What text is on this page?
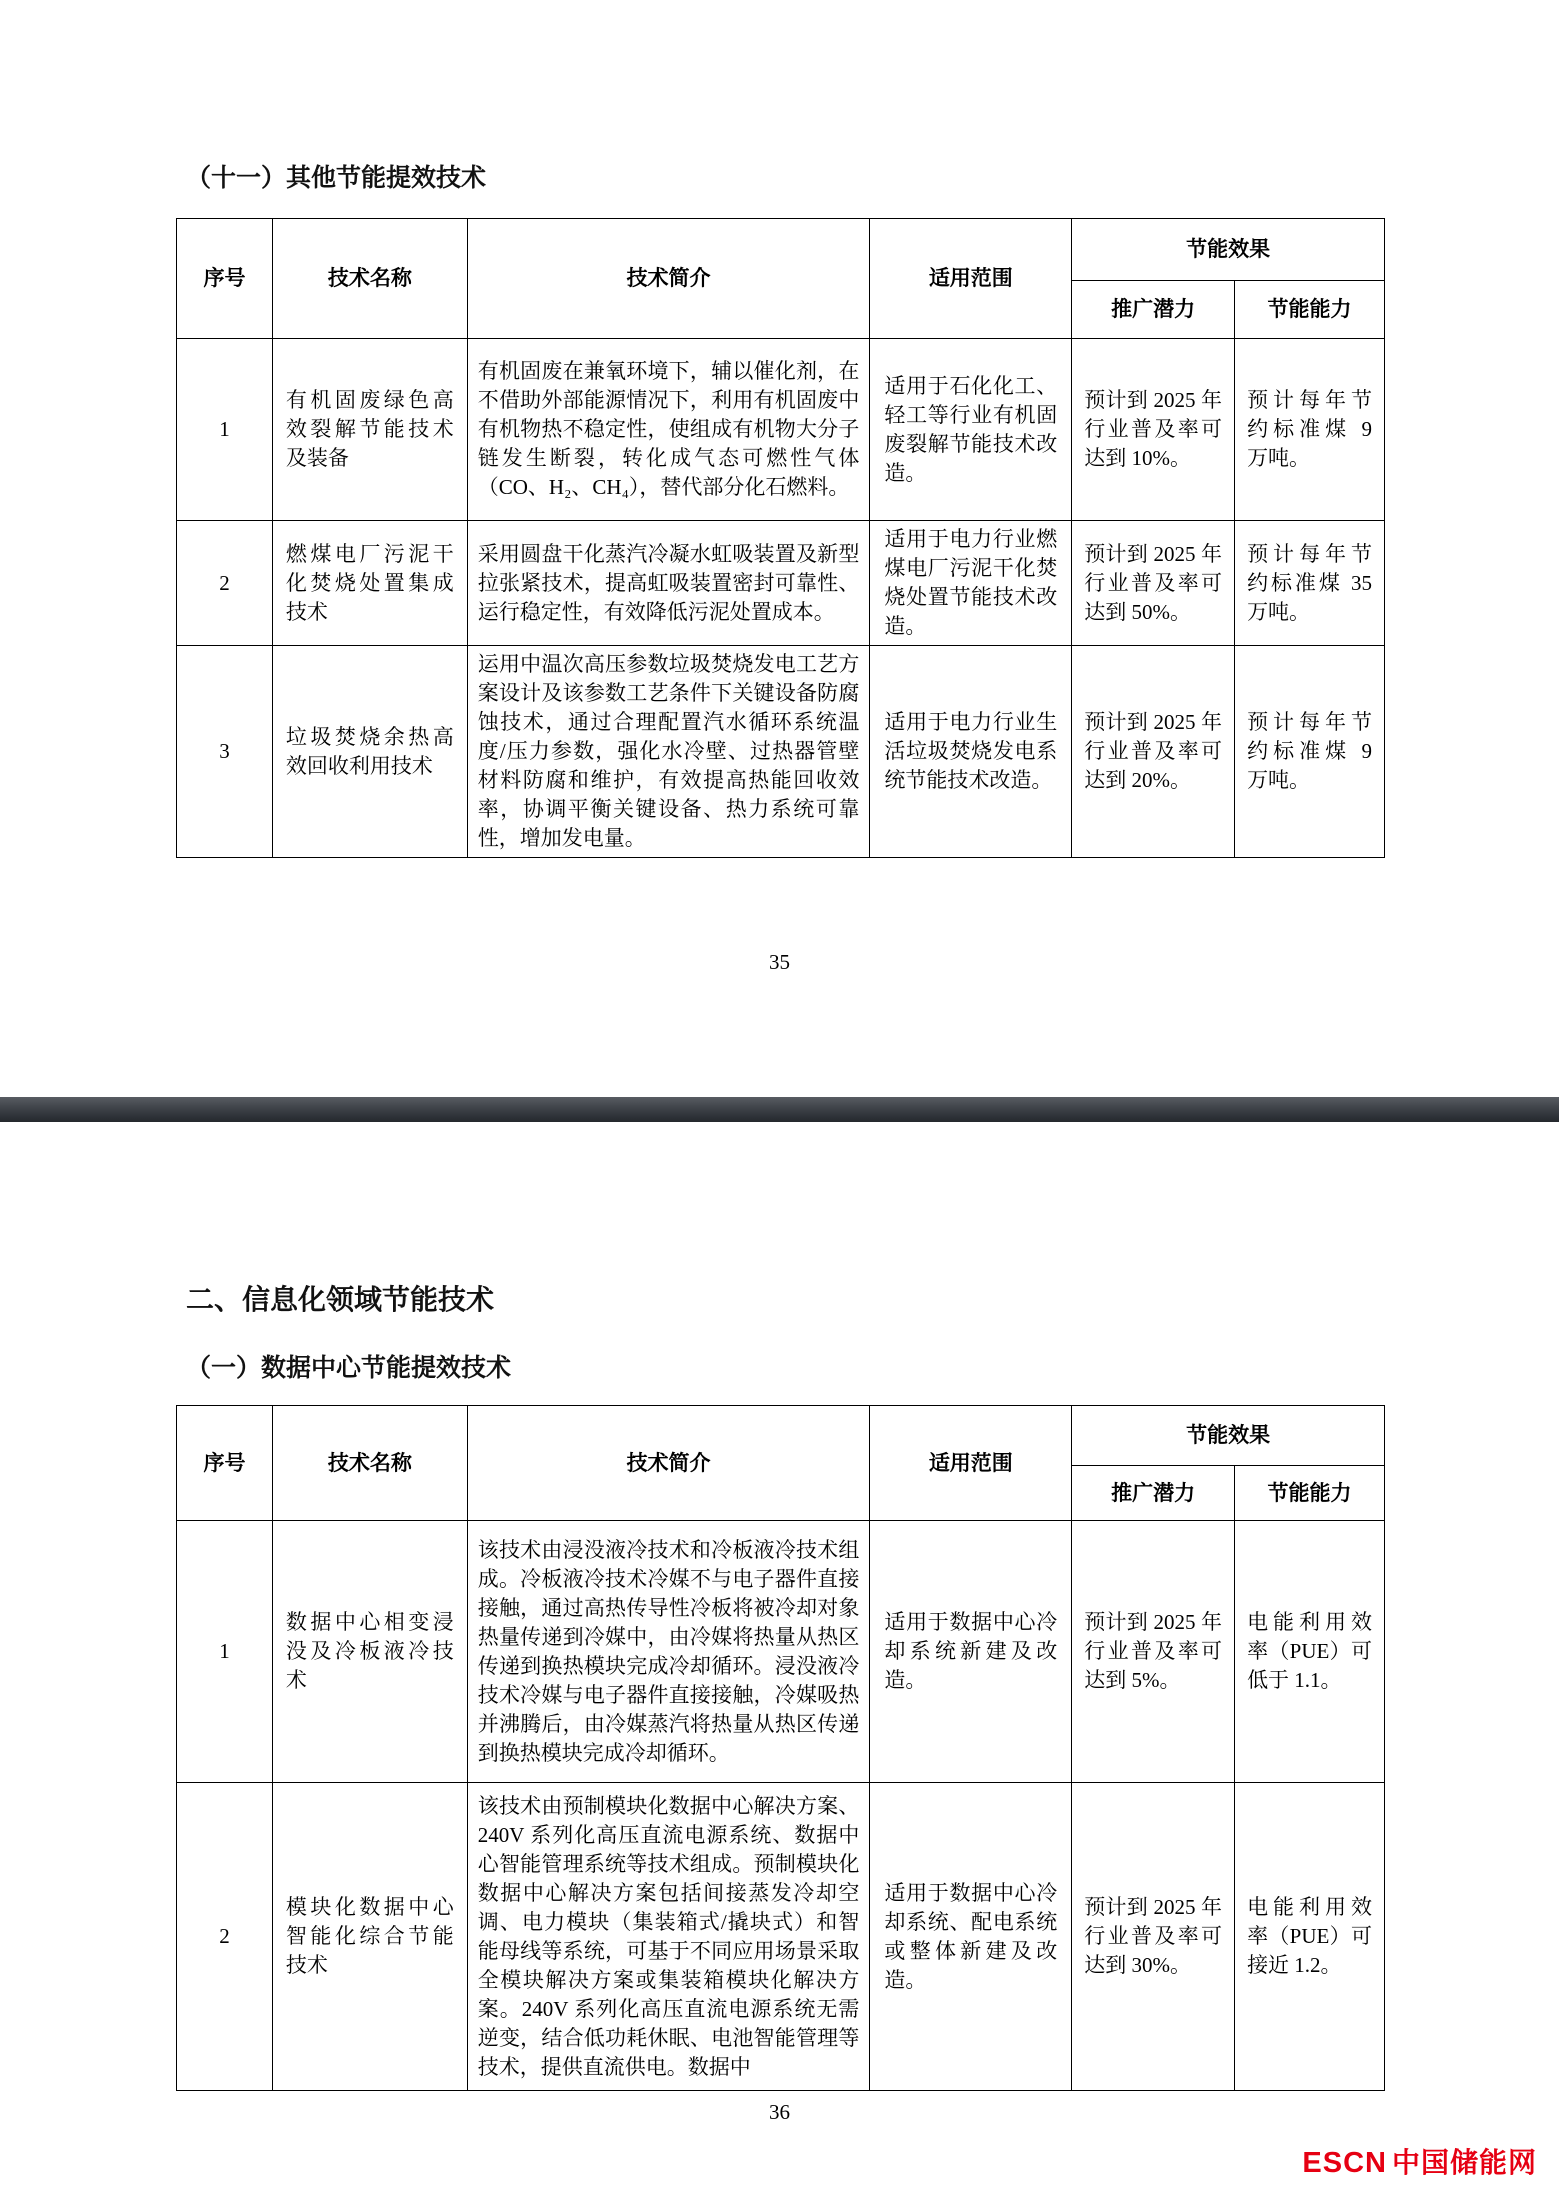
（十一）其他节能提效技术
序号	技术名称	技术简介	适用范围	节能效果	
				推广潜力	节能能力
1	有机固废绿色高效裂解节能技术及装备	有机固废在兼氧环境下，辅以催化剂，在不借助外部能源情况下，利用有机固废中有机物热不稳定性，使组成有机物大分子链发生断裂，转化成气态可燃性气体（CO、H₂、CH₄），替代部分化石燃料。	适用于石化化工、轻工等行业有机固废裂解节能技术改造。	预计到 2025 年行业普及率可达到 10%。	预计每年节约标准煤 9 万吨。
2	燃煤电厂污泥干化焚烧处置集成技术	采用圆盘干化蒸汽冷凝水虹吸装置及新型拉张紧技术，提高虹吸装置密封可靠性、运行稳定性，有效降低污泥处置成本。	适用于电力行业燃煤电厂污泥干化焚烧处置节能技术改造。	预计到 2025 年行业普及率可达到 50%。	预计每年节约标准煤 35 万吨。
3	垃圾焚烧余热高效回收利用技术	运用中温次高压参数垃圾焚烧发电工艺方案设计及该参数工艺条件下关键设备防腐蚀技术，通过合理配置汽水循环系统温度/压力参数，强化水冷壁、过热器管壁材料防腐和维护，有效提高热能回收效率，协调平衡关键设备、热力系统可靠性，增加发电量。	适用于电力行业生活垃圾焚烧发电系统节能技术改造。	预计到 2025 年行业普及率可达到 20%。	预计每年节约标准煤 9 万吨。
35
二、信息化领域节能技术
（一）数据中心节能提效技术
序号	技术名称	技术简介	适用范围	节能效果	
				推广潜力	节能能力
1	数据中心相变浸没及冷板液冷技术	该技术由浸没液冷技术和冷板液冷技术组成。冷板液冷技术冷媒不与电子器件直接接触，通过高热传导性冷板将被冷却对象热量传递到冷媒中，由冷媒将热量从热区传递到换热模块完成冷却循环。浸没液冷技术冷媒与电子器件直接接触，冷媒吸热并沸腾后，由冷媒蒸汽将热量从热区传递到换热模块完成冷却循环。	适用于数据中心冷却系统新建及改造。	预计到 2025 年行业普及率可达到 5%。	电能利用效率（PUE）可低于 1.1。
2	模块化数据中心智能化综合节能技术	该技术由预制模块化数据中心解决方案、240V 系列化高压直流电源系统、数据中心智能管理系统等技术组成。预制模块化数据中心解决方案包括间接蒸发冷却空调、电力模块（集装箱式/撬块式）和智能母线等系统，可基于不同应用场景采取全模块解决方案或集装箱模块化解决方案。240V 系列化高压直流电源系统无需逆变，结合低功耗休眠、电池智能管理等技术，提供直流供电。数据中	适用于数据中心冷却系统、配电系统或整体新建及改造。	预计到 2025 年行业普及率可达到 30%。	电能利用效率（PUE）可接近 1.2。
36
ESCN 中国储能网
